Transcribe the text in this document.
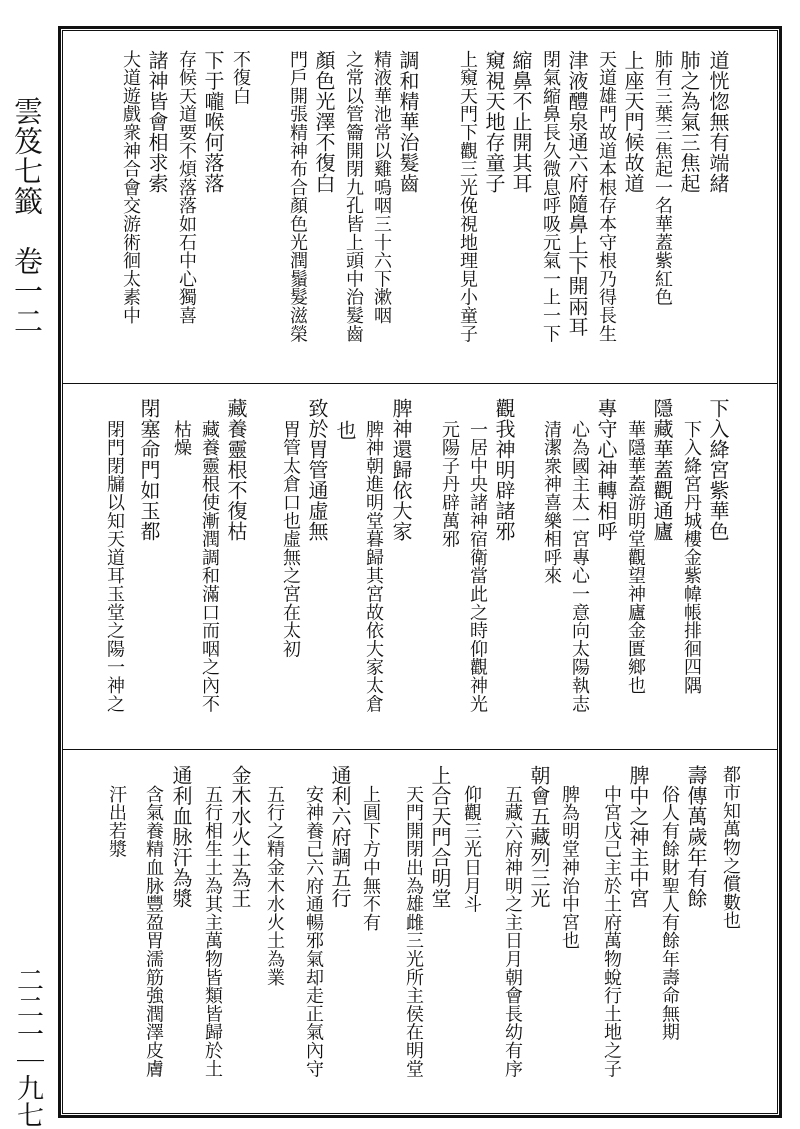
雲笈七籤　卷一二
二二一｜九七
道恍惚無有端緒
肺之為氣三焦起
肺有三葉三焦起一名華蓋紫紅色
上座天門候故道
天道雄門故道本根存本守根乃得長生
津液醴泉通六府隨鼻上下開兩耳
閉氣縮鼻長久微息呼吸元氣一上一下
縮鼻不止開其耳
窺視天地存童子
上窺天門下觀三光俛視地理見小童子
調和精華治髮齒
精液華池常以雞鳴咽三十六下漱咽
之常以管籥開閉九孔皆上頭中治髮齒
顏色光澤不復白
門戶開張精神布合顏色光潤鬚髮滋榮
下于嚨喉何落落 不復白
存候天道要不煩落落如石中心獨喜
諸神皆會相求索
大道遊戲衆神合會交游術徊太素中
下入絳宮紫華色
下入絳宮丹城樓金紫幃帳排徊四隅
隱藏華蓋觀通廬
華隱華蓋游明堂觀望神廬金匱鄉也
專守心神轉相呼
心為國主太一宮專心一意向太陽執志
清潔衆神喜樂相呼來
觀我神明辟諸邪
一居中央諸神宿衛當此之時仰觀神光
元陽子丹辟萬邪
脾神還歸依大家
脾神朝進明堂暮歸其宮故依大家太倉
也
致於胃管通虛無
胃管太倉口也虛無之宮在太初
藏養靈根不復枯
藏養靈根使漸潤調和滿口而咽之內不
枯燥
閉塞命門如玉都
閉門閉牖以知天道耳玉堂之陽一神之
都市知萬物之償數也
壽傳萬歲年有餘
俗人有餘財聖人有餘年壽命無期
脾中之神主中宮
中宮戊己主於土府萬物蛻行土地之子
脾為明堂神治中宮也
朝會五藏列三光
五藏六府神明之主日月朝會長幼有序
上合天門合明堂 仰觀三光日月斗
天門開閉出為雄雌三光所主侯在明堂
上圓下方中無不有
通利六府調五行
安神養己六府通暢邪氣却走正氣內守
五行之精金木水火土為業
金木水火土為王
五行相生土為其主萬物皆類皆歸於土
通利血脉汗為漿
含氣養精血脉豐盈胃濡筋強潤澤皮膚
汗出若漿
